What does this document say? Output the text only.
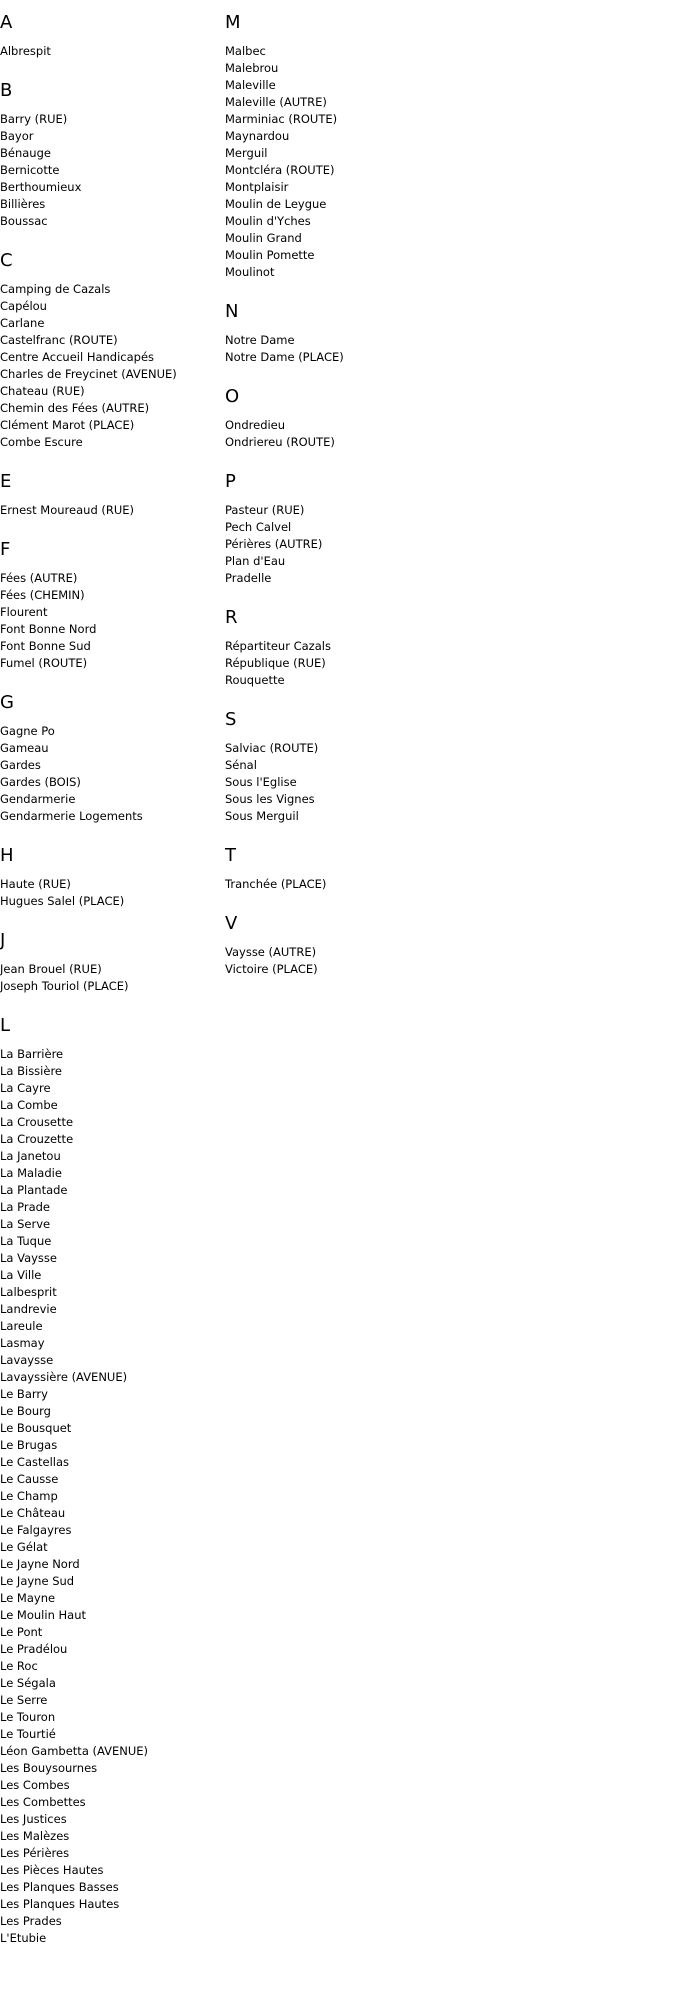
A
Albrespit
B
Barry (RUE)
Bayor
Bénauge
Bernicotte
Berthoumieux
Billières
Boussac
C
Camping de Cazals
Capélou
Carlane
Castelfranc (ROUTE)
Centre Accueil Handicapés
Charles de Freycinet (AVENUE)
Chateau (RUE)
Chemin des Fées (AUTRE)
Clément Marot (PLACE)
Combe Escure
E
Ernest Moureaud (RUE)
F
Fées (AUTRE)
Fées (CHEMIN)
Flourent
Font Bonne Nord
Font Bonne Sud
Fumel (ROUTE)
G
Gagne Po
Gameau
Gardes
Gardes (BOIS)
Gendarmerie
Gendarmerie Logements
H
Haute (RUE)
Hugues Salel (PLACE)
J
Jean Brouel (RUE)
Joseph Touriol (PLACE)
L
La Barrière
La Bissière
La Cayre
La Combe
La Crousette
La Crouzette
La Janetou
La Maladie
La Plantade
La Prade
La Serve
La Tuque
La Vaysse
La Ville
Lalbesprit
Landrevie
Lareule
Lasmay
Lavaysse
Lavayssière (AVENUE)
Le Barry
Le Bourg
Le Bousquet
Le Brugas
Le Castellas
Le Causse
Le Champ
Le Château
Le Falgayres
Le Gélat
Le Jayne Nord
Le Jayne Sud
Le Mayne
Le Moulin Haut
Le Pont
Le Pradélou
Le Roc
Le Ségala
Le Serre
Le Touron
Le Tourtié
Léon Gambetta (AVENUE)
Les Bouysournes
Les Combes
Les Combettes
Les Justices
Les Malèzes
Les Périères
Les Pièces Hautes
Les Planques Basses
Les Planques Hautes
Les Prades
L'Etubie
M
Malbec
Malebrou
Maleville
Maleville (AUTRE)
Marminiac (ROUTE)
Maynardou
Merguil
Montcléra (ROUTE)
Montplaisir
Moulin de Leygue
Moulin d'Yches
Moulin Grand
Moulin Pomette
Moulinot
N
Notre Dame
Notre Dame (PLACE)
O
Ondredieu
Ondriereu (ROUTE)
P
Pasteur (RUE)
Pech Calvel
Périères (AUTRE)
Plan d'Eau
Pradelle
R
Répartiteur Cazals
République (RUE)
Rouquette
S
Salviac (ROUTE)
Sénal
Sous l'Eglise
Sous les Vignes
Sous Merguil
T
Tranchée (PLACE)
V
Vaysse (AUTRE)
Victoire (PLACE)
